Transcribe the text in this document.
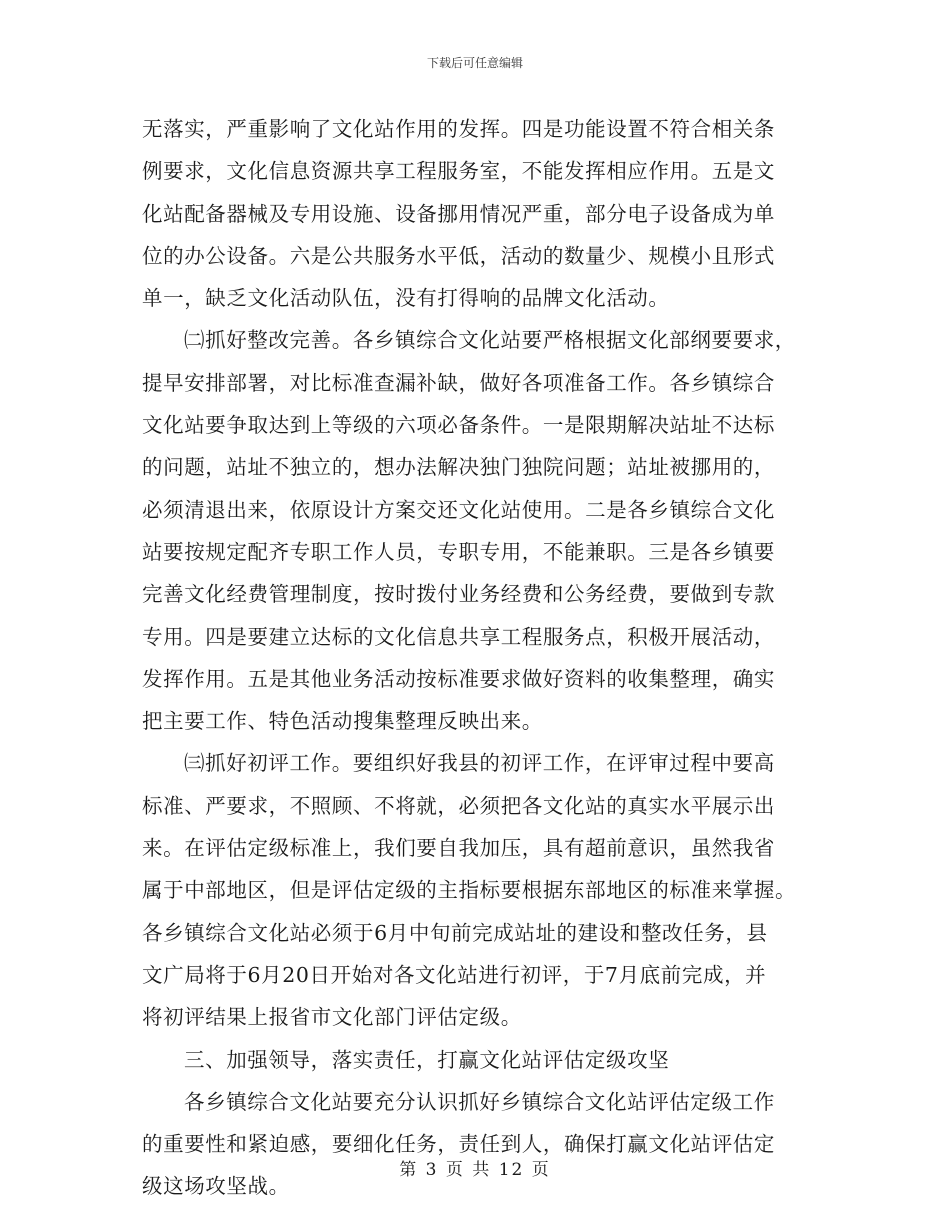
下载后可任意编辑
无落实，严重影响了文化站作用的发挥。四是功能设置不符合相关条
例要求，文化信息资源共享工程服务室，不能发挥相应作用。五是文
化站配备器械及专用设施、设备挪用情况严重，部分电子设备成为单
位的办公设备。六是公共服务水平低，活动的数量少、规模小且形式
单一，缺乏文化活动队伍，没有打得响的品牌文化活动。
㈡抓好整改完善。各乡镇综合文化站要严格根据文化部纲要要求，
提早安排部署，对比标准查漏补缺，做好各项准备工作。各乡镇综合
文化站要争取达到上等级的六项必备条件。一是限期解决站址不达标
的问题，站址不独立的，想办法解决独门独院问题；站址被挪用的，
必须清退出来，依原设计方案交还文化站使用。二是各乡镇综合文化
站要按规定配齐专职工作人员，专职专用，不能兼职。三是各乡镇要
完善文化经费管理制度，按时拨付业务经费和公务经费，要做到专款
专用。四是要建立达标的文化信息共享工程服务点，积极开展活动，
发挥作用。五是其他业务活动按标准要求做好资料的收集整理，确实
把主要工作、特色活动搜集整理反映出来。
㈢抓好初评工作。要组织好我县的初评工作，在评审过程中要高
标准、严要求，不照顾、不将就，必须把各文化站的真实水平展示出
来。在评估定级标准上，我们要自我加压，具有超前意识，虽然我省
属于中部地区，但是评估定级的主指标要根据东部地区的标准来掌握。
各乡镇综合文化站必须于6月中旬前完成站址的建设和整改任务，县
文广局将于6月20日开始对各文化站进行初评，于7月底前完成，并
将初评结果上报省市文化部门评估定级。
三、加强领导，落实责任，打赢文化站评估定级攻坚
各乡镇综合文化站要充分认识抓好乡镇综合文化站评估定级工作
的重要性和紧迫感，要细化任务，责任到人，确保打赢文化站评估定
级这场攻坚战。
第 3 页 共 12 页
